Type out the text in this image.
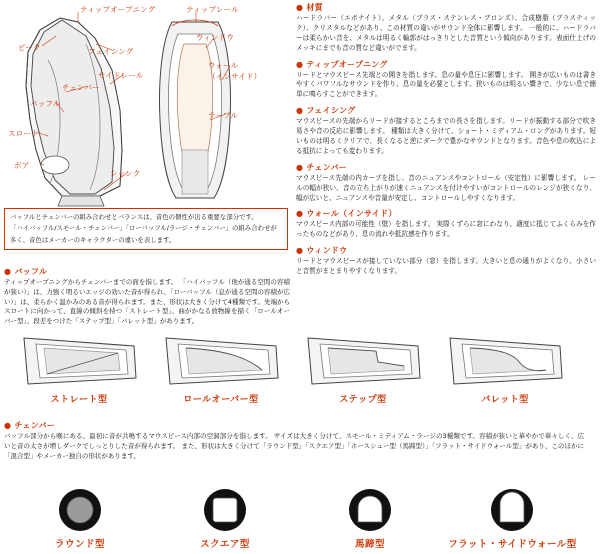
ティップオープニング	ティップレール
ピーク	フェイシング
ウィンドウ
チェンバー
ウォール
（インサイド）
サイドレール
バッフル
テーブル
スロート
ボア
シャンク
● 材質
ハードラバー（エボナイト）、メタル（ブラス・ステンレス・ブロンズ）、合成樹脂（プラスティック）、クリスタルなどがあり、この材質の違いがサウンド全体に影響します。 一般的に、ハードラバーは柔らかい音を、メタルは明るく輪郭がはっきりとした音質という傾向があります。表面仕上げのメッキにまでも音の質など違いがでます。
● ティップオープニング
リードとマウスピース先端との開きを指します。息の量や息圧に影響します。 開きが広いものは書きやすくパワフルなサウンドを作り、息の量を必要とします。狭いものは明るい響きで、少ない息で簡単に鳴らすことができます。
● フェイシング
マウスピースの先端からリードが接するところまでの長さを指します。リードが振動する部分で吹き易さや音の反応に影響します。 種類は大きく分けて、ショート・ミディアム・ロングがあります。短いものは明るくクリアで、長くなると逆にダークで豊かなサウンドとなります。音色や息の吹込による抵抗によっても変わります。
● チェンバー
マウスピース先端の内カーブを指し、音のニュアンスやコントロール（安定性）に影響します。 レールの幅が狭い、音の立ち上がりが速くニュアンスを付けやすいがコントロールのレンジが狭くなり、幅が広いと、ニュアンスや音量が安定し、コントロールしやすくなります。
● ウォール（インサイド）
マウスピース内部の可能性（壁）を指します。 実際くずらに窓にわなり、適度に抵じてふくらみを作ったものなどがあり、息の流れや抵抗感を作ります。
● ウィンドウ
リードとマウスピースが接していない部分（窓）を指します。大きいと息の通りがよくなり、小さいと音質がまとまりやすくなります。

バッフルとチェンバーの組み合わせとバランスは、音色の個性が出る重要な部分です。

「ハイバッフル/スモール・チェンバー」「ローバッフル/ラージ・チェンバー」の組み合わせが

多く、音色はメーカーのキャラクターの違いを表します。

● バッフル
ティップオープニングからチェンバーまでの面を指します。 「ハイバッフル（他が通る空間の容積が狭い）」は、力強く明るいエッジの効いた音が得られ、「ローバッフル（息が通る空間の容積が広い）」は、柔らかく温かみのある音が得られます。また、形状は大きく分けて4種類です。先端からスロートに向かって、直線の傾斜を持つ「ストレート型」、曲がかなる放物線を描く「ロールオーバー型」、段差をつけた「ステップ型」「バレット型」があります。
ストレート型	ロールオーバー型	ステップ型	バレット型
● チェンバー
バッフル部分から喉にある、最初に音が共鳴するマウスピース内部の空洞部分を指します。 サイズは大きく分けて、スモール・ミディアム・ラージの3種類です。容積が狭いと華やかで華々しく、広いと音の太さが増しダークでしっとりした音が得られます。 また、形状は大きく分けて「ラウンド型」「スクエア型」「ホースシュー型（馬蹄型）」「フラット・サイドウォール型」があり、このほかに「混合型」やメーカー独自の形状があります。
ラウンド型	スクエア型	馬蹄型	フラット・サイドウォール型
